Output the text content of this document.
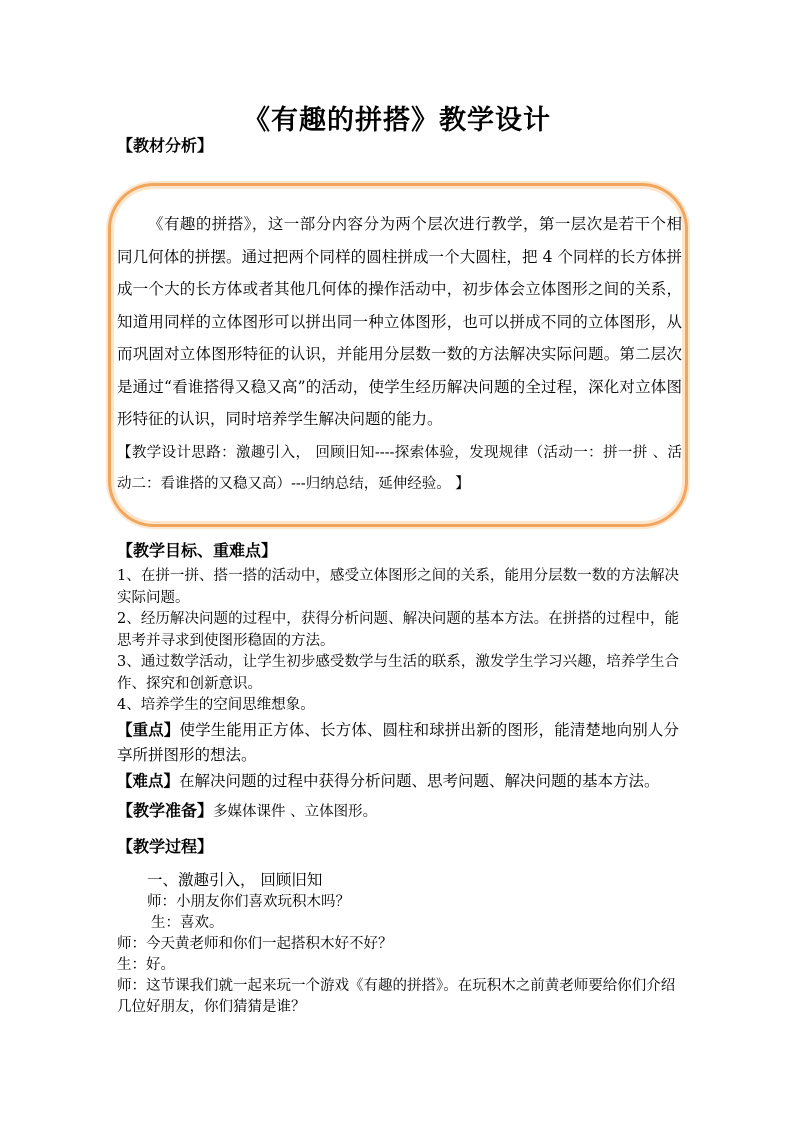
《有趣的拼搭》教学设计

【教材分析】

《有趣的拼搭》，这一部分内容分为两个层次进行教学，第一层次是若干个相同几何体的拼摆。通过把两个同样的圆柱拼成一个大圆柱，把 4 个同样的长方体拼成一个大的长方体或者其他几何体的操作活动中，初步体会立体图形之间的关系，知道用同样的立体图形可以拼出同一种立体图形，也可以拼成不同的立体图形，从而巩固对立体图形特征的认识，并能用分层数一数的方法解决实际问题。第二层次是通过“看谁搭得又稳又高”的活动，使学生经历解决问题的全过程，深化对立体图形特征的认识，同时培养学生解决问题的能力。

【教学设计思路：激趣引入， 回顾旧知----探索体验，发现规律（活动一：拼一拼 、活动二：看谁搭的又稳又高）---归纳总结，延伸经验。 】

【教学目标、重难点】

1、在拼一拼、搭一搭的活动中，感受立体图形之间的关系，能用分层数一数的方法解决实际问题。

2、经历解决问题的过程中，获得分析问题、解决问题的基本方法。在拼搭的过程中，能思考并寻求到使图形稳固的方法。

3、通过数学活动，让学生初步感受数学与生活的联系，激发学生学习兴趣，培养学生合作、探究和创新意识。

4、培养学生的空间思维想象。

【重点】使学生能用正方体、长方体、圆柱和球拼出新的图形，能清楚地向别人分享所拼图形的想法。

【难点】在解决问题的过程中获得分析问题、思考问题、解决问题的基本方法。

【教学准备】多媒体课件 、立体图形。

【教学过程】

一、激趣引入， 回顾旧知

师：小朋友你们喜欢玩积木吗？

生：喜欢。

师：今天黄老师和你们一起搭积木好不好？

生：好。

师：这节课我们就一起来玩一个游戏《有趣的拼搭》。在玩积木之前黄老师要给你们介绍几位好朋友，你们猜猜是谁？
